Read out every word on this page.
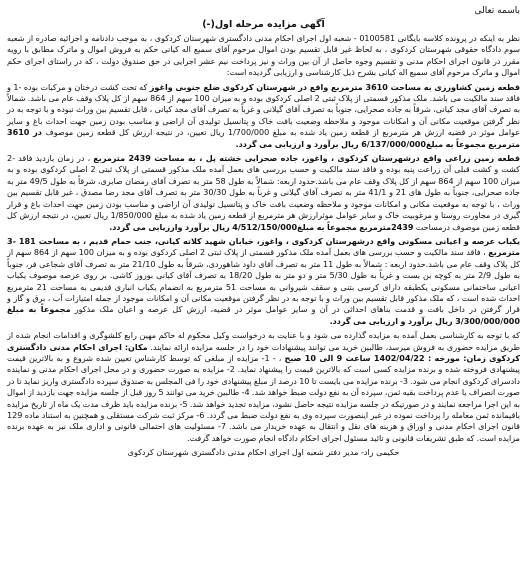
باسمه تعالی
آگهی مزایده مرحله اول(-)

نظر به اینکه در پرونده کلاسه بایگانی 0100581 - شعبه اول اجرای احکام مدنی دادگستری شهرستان کردکوی ، به موجب دادنامه و اجرائیه صادره از شعبه سوم دادگاه حقوقی شهرستان کردکوی ، به لحاظ غیر قابل تقسیم بودن اموال مرحوم آقای سمیع اله کیانی حکم به فروش اموال و ماترک مطابق با رویه مقرر در قانون اجرای احکام مدنی و تقسیم وجوه حاصل از آن بین وراث و نیز پرداخت نیم عشر اجرایی در حق صندوق دولت ، که در راستای اجرای حکم اموال و ماترک مرحوم آقای سمیع اله کیانی بشرح ذیل کارشناسی و ارزیابی گردیده است:

قطعه زمین کشاورزی به مساحت 3610 مترمربع واقع در شهرستان کردکوی ضلع جنوبی واغوز که تحت کشت درختان و مرکبات بوده -1 و فاقد سند مالکیت می باشد. ملک مذکور قسمتی از پلاک ثبتی 2 اصلی کردکوی بوده و به میزان 100 سهم از 864 سهم از کل پلاک وقف عام می باشد. شمالاً به تصرف آقای مجد کیانی، شرقاً به جاده صحرایی، جنوباً به تصرف آقای گیلانی و غرباً به تصرف آقای مجد کیانی ، قابل تقسیم بین وراث نبوده و با توجه به در نظر گرفتن موقعیت مکانی آن و امکانات موجود و ملاحظه وضعیت بافت خاک و پتانسیل تولیدی آن اراضی و مناسب بودن زمین جهت احداث باغ و سایر عوامل موثر در قضیه ارزش هر مترمربع از قطعه زمین یاد شده به مبلغ 1/700/000 ریال تعیین، در نتیجه ارزش کل قطعه زمین موصوف در 3610 مترمربع مجموعاً به مبلغ6/137/000/000 ریال برآورد و ارزیابی می گردد.

قطعه زمین زراعی واقع درشهرستان کردکوی ، واغوز، جاده صحرایی خشته پل ، به مساحت 2439 مترمربع ، در زمان بازدید فاقد -2 کشت و کشت قبلی آن زراعت پنبه بوده و فاقد سند مالکیت و حسب بررسی های بعمل آمده ملک مذکور قسمتی از پلاک ثبتی 2 اصلی کردکوی بوده و به میزان 100 سهم از 864 سهم از کل پلاک وقف عام می باشد.حدود اربعه: شمالاً به طول 58 متر به تصرف آقای رمضان صابری، شرقاً به طول 49/5 متر به جاده صحرایی، جنوباً به طول های 21 و 41/1 متر به تصرف آقای گیلانی و غرباً به طول 30/30 متر به تصرف آقای مجد رضا مصدق ، غیر قابل تقسیم بین وراث ، با توجه به موقعیت مکانی و امکانات موجود و ملاحظه وضعیت بافت خاک و پتانسیل تولیدی آن اراضی و مناسب بودن زمین جهت احداث باغ و قرار گیری در مجاورت روستا و مرغوبیت خاک و سایر عوامل موثرارزش هر مترمربع از قطعه زمین یاد شده به مبلغ 1/850/000 ریال تعیین، در نتیجه ارزش کل قطعه زمین موصوف درمساحت 2439مترمربع مجموعاً به مبلغ4/512/150/000 ریال برآورد وارزیابی می گردد.

یکباب عرصه و اعیانی مسکونی واقع درشهرستان کردکوی ، واغوز، خیابان شهید کلاته کیانی، جنب حمام قدیم ، به مساحت 181 -3 مترمربع ، فاقد سند مالکیت و حسب بررسی های بعمل آمده ملک مذکور قسمتی از پلاک ثبتی 2 اصلی کردکوی بوده و به میزان 100 سهم از 864 سهم از کل پلاک وقف عام می باشد.حدود اربعه : شمالاً به طول 11 متر به تصرف آقای داود شاهوردی، شرقاً به طول 21/10 متر به تصرف آقای شجاعی فر، جنوباً به طول 2/9 متر به کوچه بن بست و غرباً به طول 5/30 متر و دو متر به طول 18/20 به تصرف آقای کیانی بوروز کاشی. بر روی عرصه موصوف یکباب اعیانی ساختمانی مسکونی یکطبقه دارای کرسی بتنی و سقف شیروانی به مساحت 51 مترمربع به انضمام یکباب انباری قدیمی به مساحت 21 مترمربع احداث شده است ، که ملک مذکور قابل تقسیم بین وراث و با توجه به در نظر گرفتن موقعیت مکانی آن و امکانات موجود از جمله امتیازات آب ، برق و گاز و قرار گرفتن در داخل بافت و قدمت بناهای احداثی در آن و سایر عوامل موثر در قضیه، ارزش کل عرصه و اعیان ملک مذکور مجموعاً به مبلغ 3/300/000/000 ریال برآورد و ارزیابی می گردد.

که با توجه به کارشناسی بعمل آمده به مزایده گذارده می شود و با عنایت به درخواست وکیل محکوم له حاکم مهین رابع کلشوگری و اقدامات انجام شده از طریق مزایده حضوری به فروش میرسد، طالبین خرید می توانند پیشنهادات خود را در جلسه مزایده ارائه نمایند. مکان: اجرای احکام مدنی دادگستری کردکوی زمان: مورخه : 1402/04/22 ساعت 9 الی 10 صبح ، - 1- مزایده از مبلغی که توسط کارشناس تعیین شده شروع و به بالاترین قیمت پیشنهادی فروخته شده و برنده مزایده کسی است که بالاترین قیمت را پیشنهاد نماید. 2- مزایده به صورت حضوری و در محل اجرای احکام مدنی و نماینده دادسرای کردکوی انجام می شود. 3- برنده مزایده می بایست تا 10 درصد از مبلغ پیشنهادی خود را فی المجلس به صندوق سپرده دادگستری واریز نماید تا در صورت انصراف یا عدم پرداخت بقیه ثمن، سپرده آن به نفع دولت ضبط خواهد شد. 4- طالبین خرید می توانند 5 روز قبل از جلسه مزایده جهت بازدید از اموال به این اجرا مراجعه نمایند و در صورتیکه در جلسه مزایده نتیجه حاصل نشود، مزایده تجدید خواهد شد. 5- برنده مزایده باید ظرف مدت یک ماه از تاریخ مزایده باقیمانده ثمن معامله را پرداخت نموده در غیر اینصورت سپرده وی به نفع دولت ضبط می گردد. 6- مرکز ثبت شرکت مستقلی و همچنین به استناد ماده 129 قانون اجرای احکام مدنی و اوراق و هزینه های نقل و انتقال به عهده خریدار می باشد. 7- مسئولیت های احتمالی قانونی و اداری ملک نیز به عهده برنده مزایده است. که طبق تشریفات قانونی و تائید مسئول اجرای احکام دادگاه انجام صورت خواهد گرفت.

حکیمی راد- مدیر دفتر شعبه اول اجرای احکام مدنی دادگستری شهرستان کردکوی
